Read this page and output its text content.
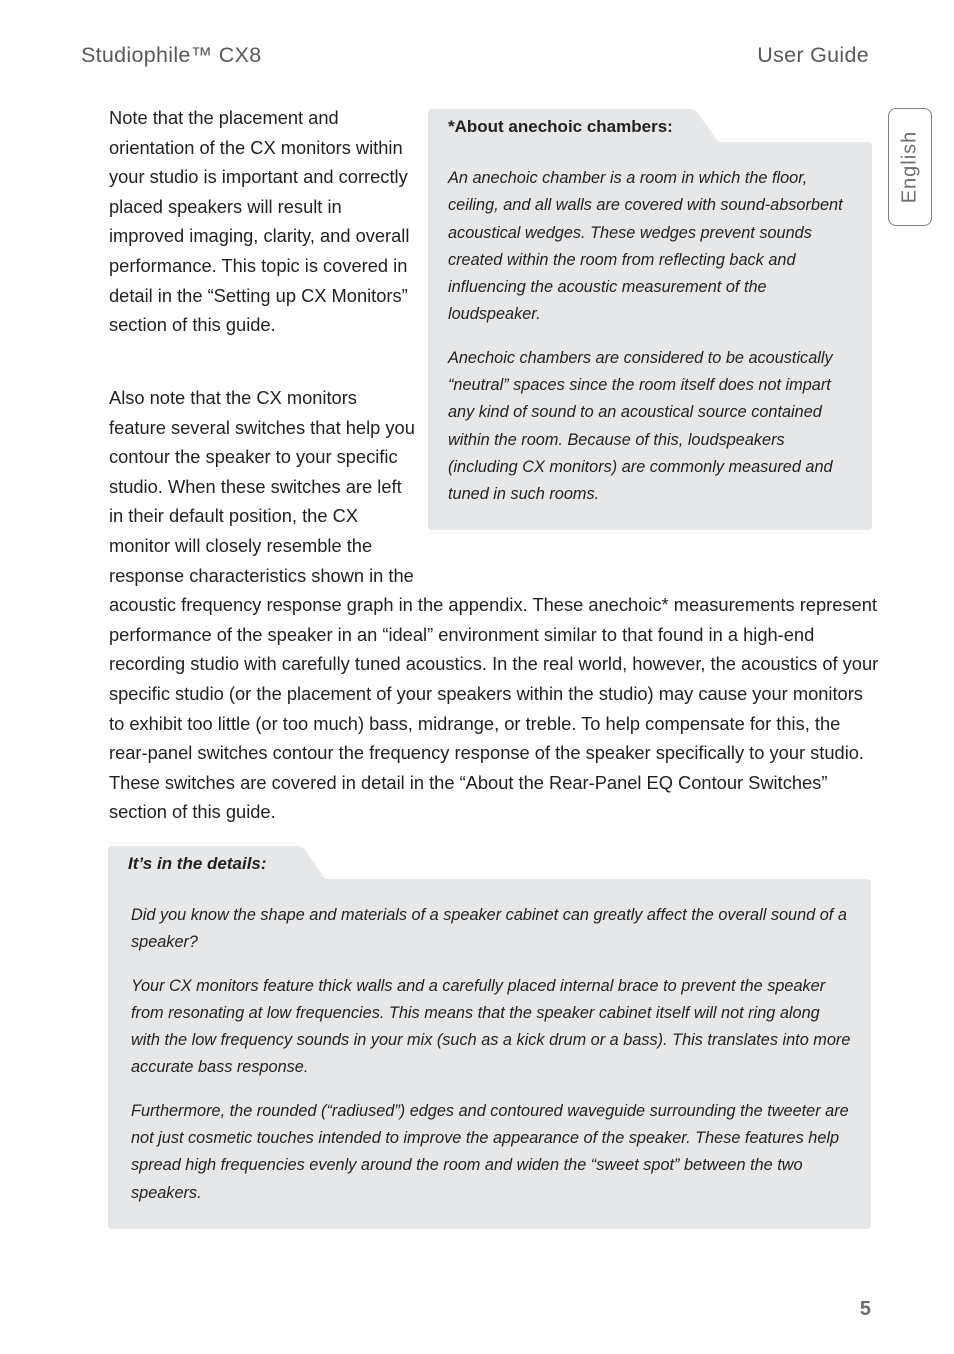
Studiophile™ CX8	User Guide
English

Note that the placement and orientation of the CX monitors within your studio is important and correctly placed speakers will result in improved imaging, clarity, and overall performance. This topic is covered in detail in the “Setting up CX Monitors” section of this guide.

*About anechoic chambers:

An anechoic chamber is a room in which the floor, ceiling, and all walls are covered with sound-absorbent acoustical wedges. These wedges prevent sounds created within the room from reflecting back and influencing the acoustic measurement of the loudspeaker.

Anechoic chambers are considered to be acoustically “neutral” spaces since the room itself does not impart any kind of sound to an acoustical source contained within the room. Because of this, loudspeakers (including CX monitors) are commonly measured and tuned in such rooms.

Also note that the CX monitors feature several switches that help you contour the speaker to your specific studio. When these switches are left in their default position, the CX monitor will closely resemble the response characteristics shown in the acoustic frequency response graph in the appendix. These anechoic* measurements represent performance of the speaker in an “ideal” environment similar to that found in a high-end recording studio with carefully tuned acoustics. In the real world, however, the acoustics of your specific studio (or the placement of your speakers within the studio) may cause your monitors to exhibit too little (or too much) bass, midrange, or treble. To help compensate for this, the rear-panel switches contour the frequency response of the speaker specifically to your studio. These switches are covered in detail in the “About the Rear-Panel EQ Contour Switches” section of this guide.

It’s in the details:

Did you know the shape and materials of a speaker cabinet can greatly affect the overall sound of a speaker?

Your CX monitors feature thick walls and a carefully placed internal brace to prevent the speaker from resonating at low frequencies. This means that the speaker cabinet itself will not ring along with the low frequency sounds in your mix (such as a kick drum or a bass). This translates into more accurate bass response.

Furthermore, the rounded (“radiused”) edges and contoured waveguide surrounding the tweeter are not just cosmetic touches intended to improve the appearance of the speaker. These features help spread high frequencies evenly around the room and widen the “sweet spot” between the two speakers.

5
